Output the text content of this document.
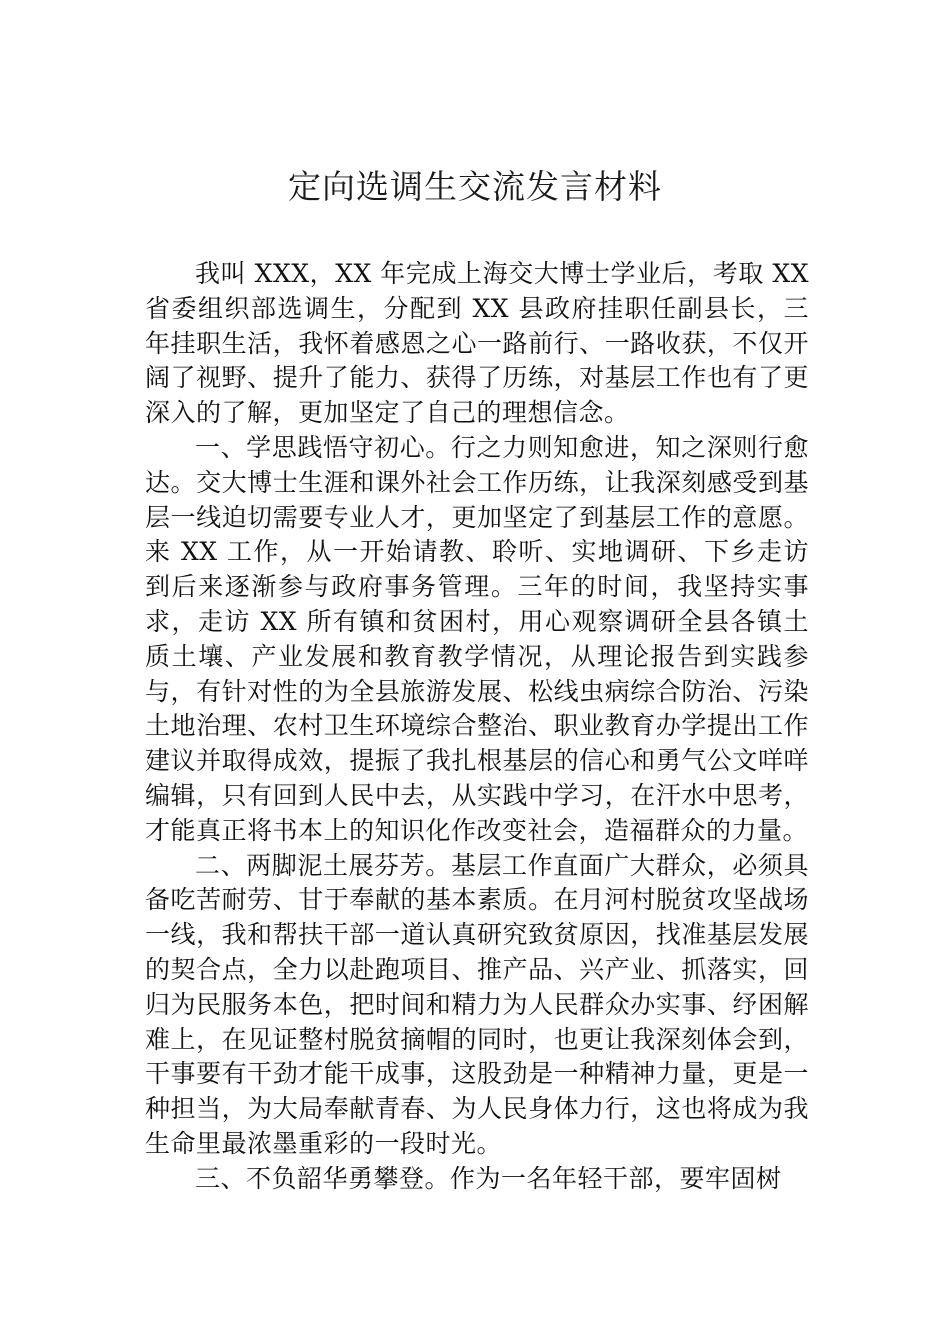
定向选调生交流发言材料

我叫 XXX，XX 年完成上海交大博士学业后，考取 XX 省委组织部选调生，分配到 XX 县政府挂职任副县长，三年挂职生活，我怀着感恩之心一路前行、一路收获，不仅开阔了视野、提升了能力、获得了历练，对基层工作也有了更深入的了解，更加坚定了自己的理想信念。

一、学思践悟守初心。行之力则知愈进，知之深则行愈达。交大博士生涯和课外社会工作历练，让我深刻感受到基层一线迫切需要专业人才，更加坚定了到基层工作的意愿。来 XX 工作，从一开始请教、聆听、实地调研、下乡走访到后来逐渐参与政府事务管理。三年的时间，我坚持实事求，走访 XX 所有镇和贫困村，用心观察调研全县各镇土质土壤、产业发展和教育教学情况，从理论报告到实践参与，有针对性的为全县旅游发展、松线虫病综合防治、污染土地治理、农村卫生环境综合整治、职业教育办学提出工作建议并取得成效，提振了我扎根基层的信心和勇气公文咩咩编辑，只有回到人民中去，从实践中学习，在汗水中思考，才能真正将书本上的知识化作改变社会，造福群众的力量。

二、两脚泥土展芬芳。基层工作直面广大群众，必须具备吃苦耐劳、甘于奉献的基本素质。在月河村脱贫攻坚战场一线，我和帮扶干部一道认真研究致贫原因，找准基层发展的契合点，全力以赴跑项目、推产品、兴产业、抓落实，回归为民服务本色，把时间和精力为人民群众办实事、纾困解难上，在见证整村脱贫摘帽的同时，也更让我深刻体会到，干事要有干劲才能干成事，这股劲是一种精神力量，更是一种担当，为大局奉献青春、为人民身体力行，这也将成为我生命里最浓墨重彩的一段时光。

三、不负韶华勇攀登。作为一名年轻干部，要牢固树
